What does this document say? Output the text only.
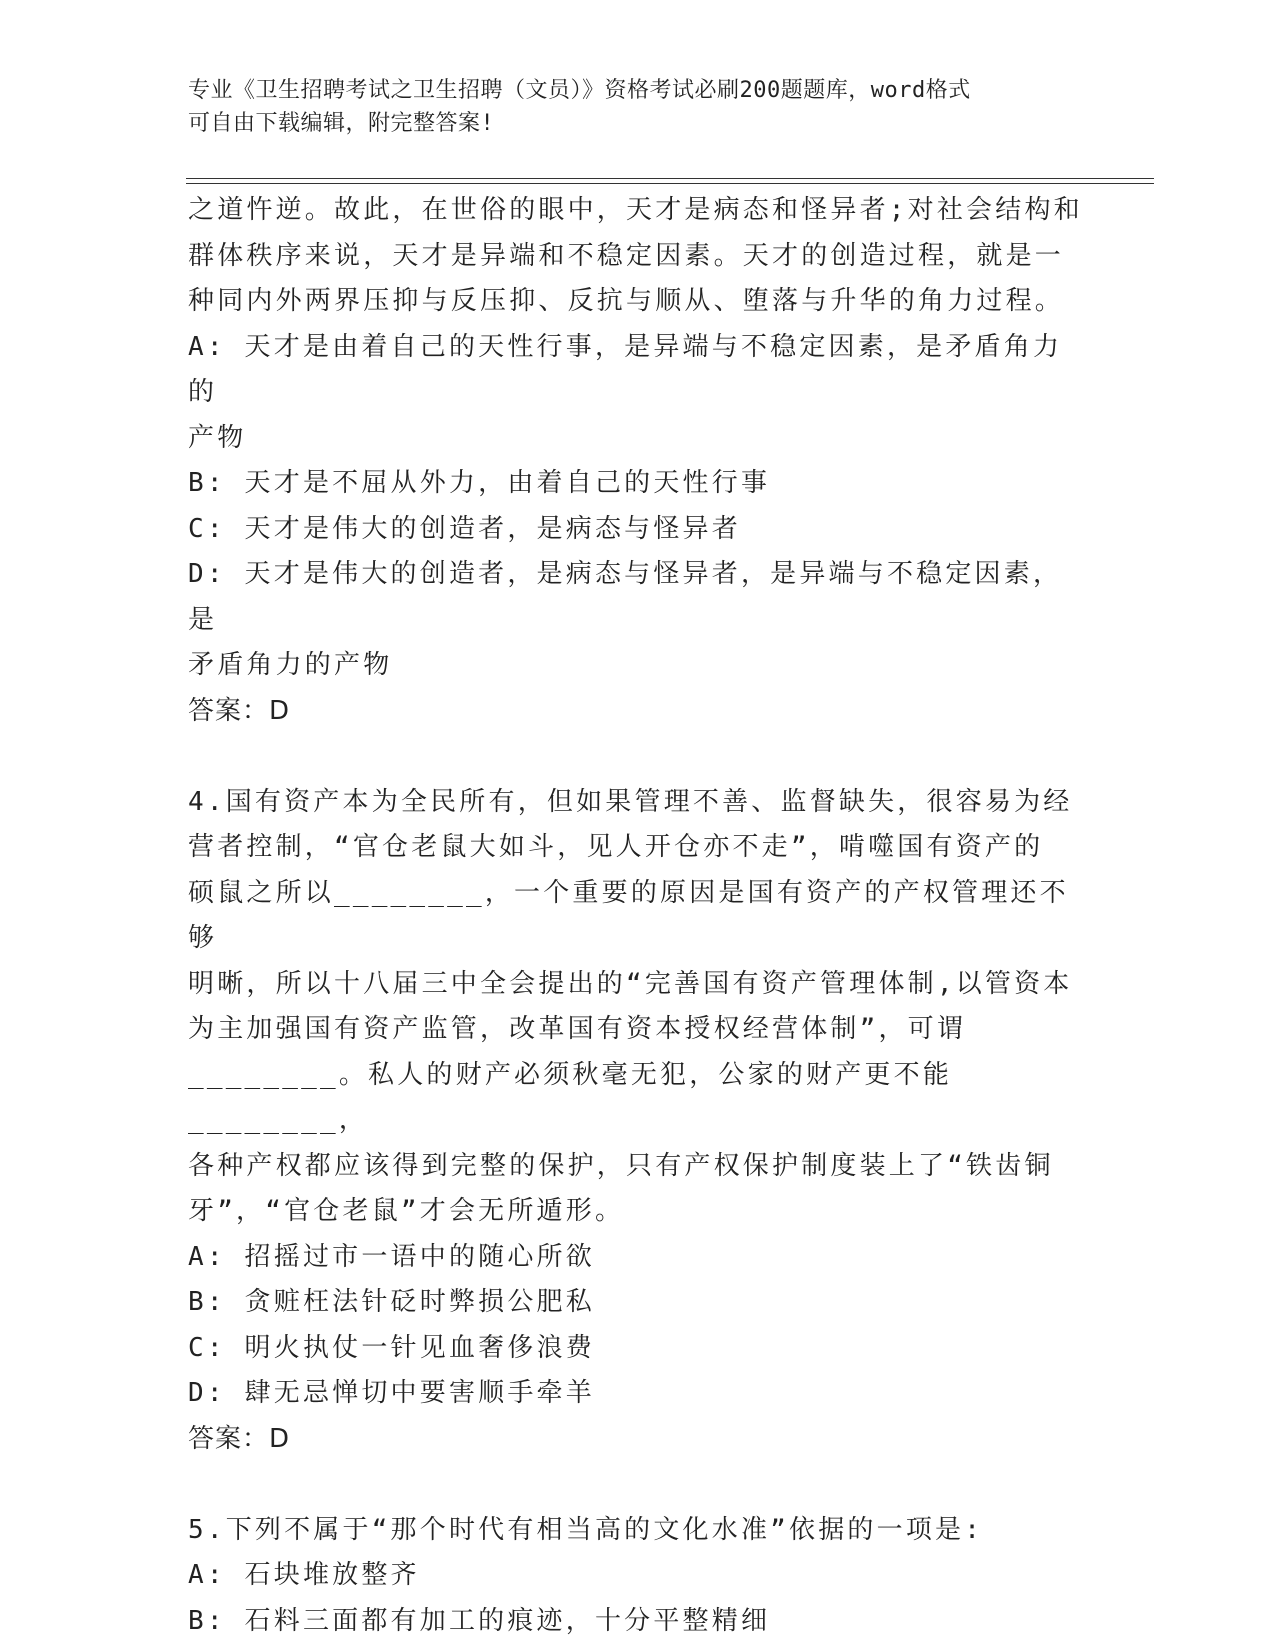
专业《卫生招聘考试之卫生招聘（文员）》资格考试必刷200题题库，word格式
可自由下载编辑，附完整答案!

之道忤逆。故此，在世俗的眼中，天才是病态和怪异者;对社会结构和

群体秩序来说，天才是异端和不稳定因素。天才的创造过程，就是一

种同内外两界压抑与反压抑、反抗与顺从、堕落与升华的角力过程。

A: 天才是由着自己的天性行事，是异端与不稳定因素，是矛盾角力的

产物

B: 天才是不屈从外力，由着自己的天性行事

C: 天才是伟大的创造者，是病态与怪异者

D: 天才是伟大的创造者，是病态与怪异者，是异端与不稳定因素，是

矛盾角力的产物

答案：D

4.国有资产本为全民所有，但如果管理不善、监督缺失，很容易为经

营者控制，“官仓老鼠大如斗，见人开仓亦不走”，啃噬国有资产的

硕鼠之所以________，一个重要的原因是国有资产的产权管理还不够

明晰，所以十八届三中全会提出的“完善国有资产管理体制,以管资本

为主加强国有资产监管，改革国有资本授权经营体制”，可谓

________。私人的财产必须秋毫无犯，公家的财产更不能________，

各种产权都应该得到完整的保护，只有产权保护制度装上了“铁齿铜

牙”，“官仓老鼠”才会无所遁形。

A: 招摇过市一语中的随心所欲

B: 贪赃枉法针砭时弊损公肥私

C: 明火执仗一针见血奢侈浪费

D: 肆无忌惮切中要害顺手牵羊

答案：D

5.下列不属于“那个时代有相当高的文化水准”依据的一项是:

A: 石块堆放整齐

B: 石料三面都有加工的痕迹，十分平整精细
